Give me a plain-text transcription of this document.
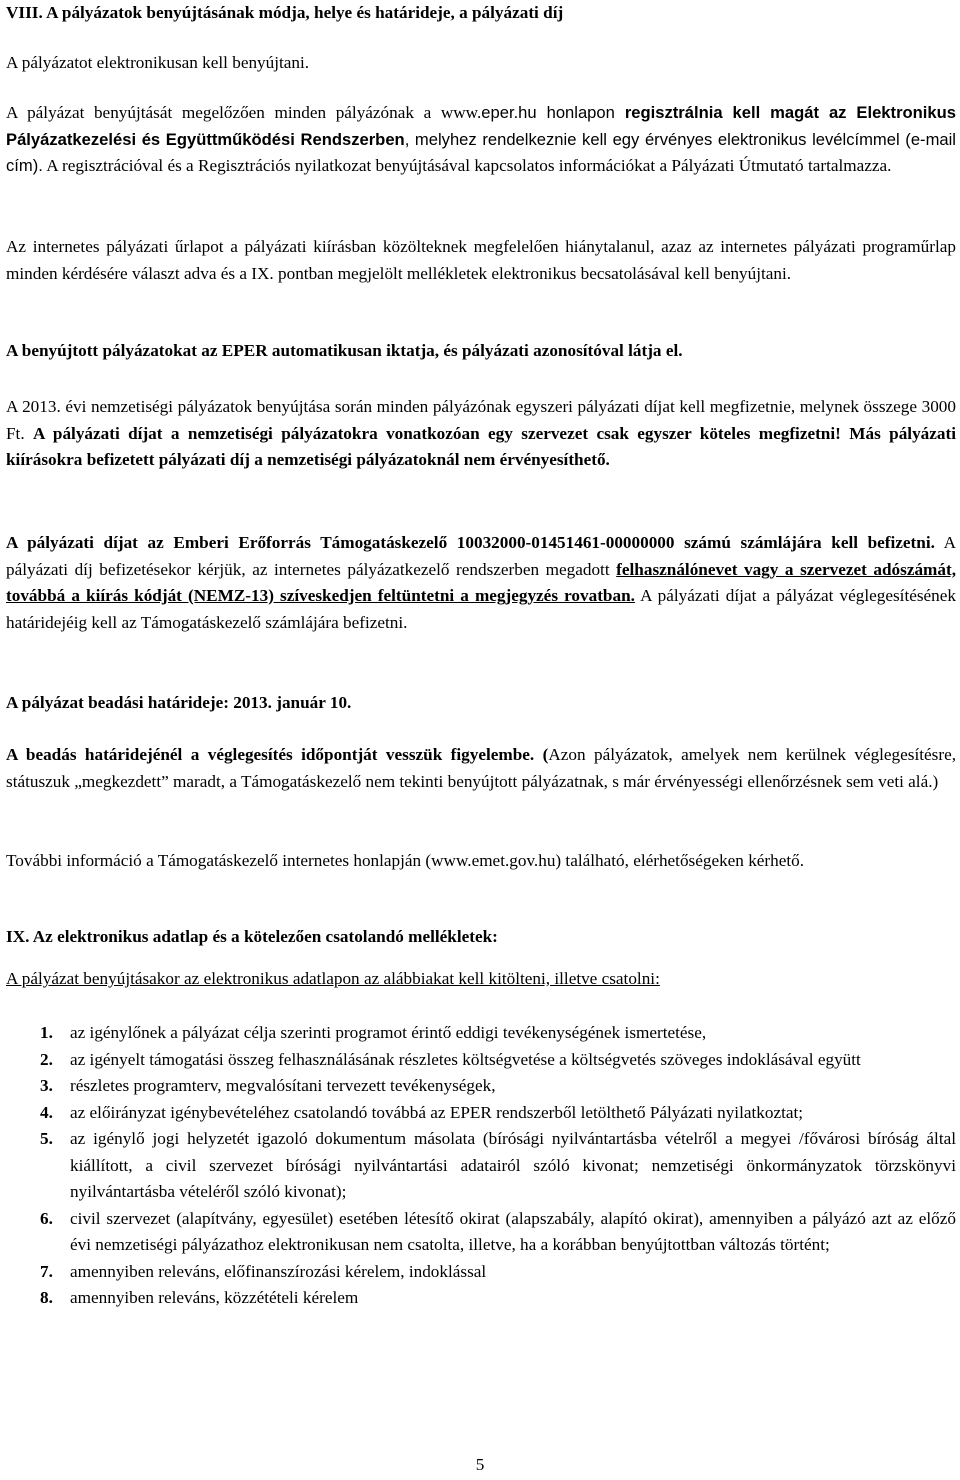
VIII. A pályázatok benyújtásának módja, helye és határideje, a pályázati díj

A pályázatot elektronikusan kell benyújtani.

A pályázat benyújtását megelőzően minden pályázónak a www.eper.hu honlapon regisztrálnia kell magát az Elektronikus Pályázatkezelési és Együttműködési Rendszerben, melyhez rendelkeznie kell egy érvényes elektronikus levélcímmel (e-mail cím). A regisztrációval és a Regisztrációs nyilatkozat benyújtásával kapcsolatos információkat a Pályázati Útmutató tartalmazza.

Az internetes pályázati űrlapot a pályázati kiírásban közölteknek megfelelően hiánytalanul, azaz az internetes pályázati programűrlap minden kérdésére választ adva és a IX. pontban megjelölt mellékletek elektronikus becsatolásával kell benyújtani.

A benyújtott pályázatokat az EPER automatikusan iktatja, és pályázati azonosítóval látja el.

A 2013. évi nemzetiségi pályázatok benyújtása során minden pályázónak egyszeri pályázati díjat kell megfizetnie, melynek összege 3000 Ft. A pályázati díjat a nemzetiségi pályázatokra vonatkozóan egy szervezet csak egyszer köteles megfizetni! Más pályázati kiírásokra befizetett pályázati díj a nemzetiségi pályázatoknál nem érvényesíthető.

A pályázati díjat az Emberi Erőforrás Támogatáskezelő 10032000-01451461-00000000 számú számlájára kell befizetni. A pályázati díj befizetésekor kérjük, az internetes pályázatkezelő rendszerben megadott felhasználónevet vagy a szervezet adószámát, továbbá a kiírás kódját (NEMZ-13) szíveskedjen feltüntetni a megjegyzés rovatban. A pályázati díjat a pályázat véglegesítésének határidejéig kell az Támogatáskezelő számlájára befizetni.

A pályázat beadási határideje: 2013. január 10.

A beadás határidejénél a véglegesítés időpontját vesszük figyelembe. (Azon pályázatok, amelyek nem kerülnek véglegesítésre, státuszuk „megkezdett” maradt, a Támogatáskezelő nem tekinti benyújtott pályázatnak, s már érvényességi ellenőrzésnek sem veti alá.)

További információ a Támogatáskezelő internetes honlapján (www.emet.gov.hu) található, elérhetőségeken kérhető.

IX. Az elektronikus adatlap és a kötelezően csatolandó mellékletek:

A pályázat benyújtásakor az elektronikus adatlapon az alábbiakat kell kitölteni, illetve csatolni:

1. az igénylőnek a pályázat célja szerinti programot érintő eddigi tevékenységének ismertetése,
2. az igényelt támogatási összeg felhasználásának részletes költségvetése a költségvetés szöveges indoklásával együtt
3. részletes programterv, megvalósítani tervezett tevékenységek,
4. az előirányzat igénybevételéhez csatolandó továbbá az EPER rendszerből letölthető Pályázati nyilatkoztat;
5. az igénylő jogi helyzetét igazoló dokumentum másolata (bírósági nyilvántartásba vételről a megyei /fővárosi bíróság által kiállított, a civil szervezet bírósági nyilvántartási adatairól szóló kivonat; nemzetiségi önkormányzatok törzskönyvi nyilvántartásba vételéről szóló kivonat);
6. civil szervezet (alapítvány, egyesület) esetében létesítő okirat (alapszabály, alapító okirat), amennyiben a pályázó azt az előző évi nemzetiségi pályázathoz elektronikusan nem csatolta, illetve, ha a korábban benyújtottban változás történt;
7. amennyiben releváns, előfinanszírozási kérelem, indoklással
8. amennyiben releváns, közzétételi kérelem
5
